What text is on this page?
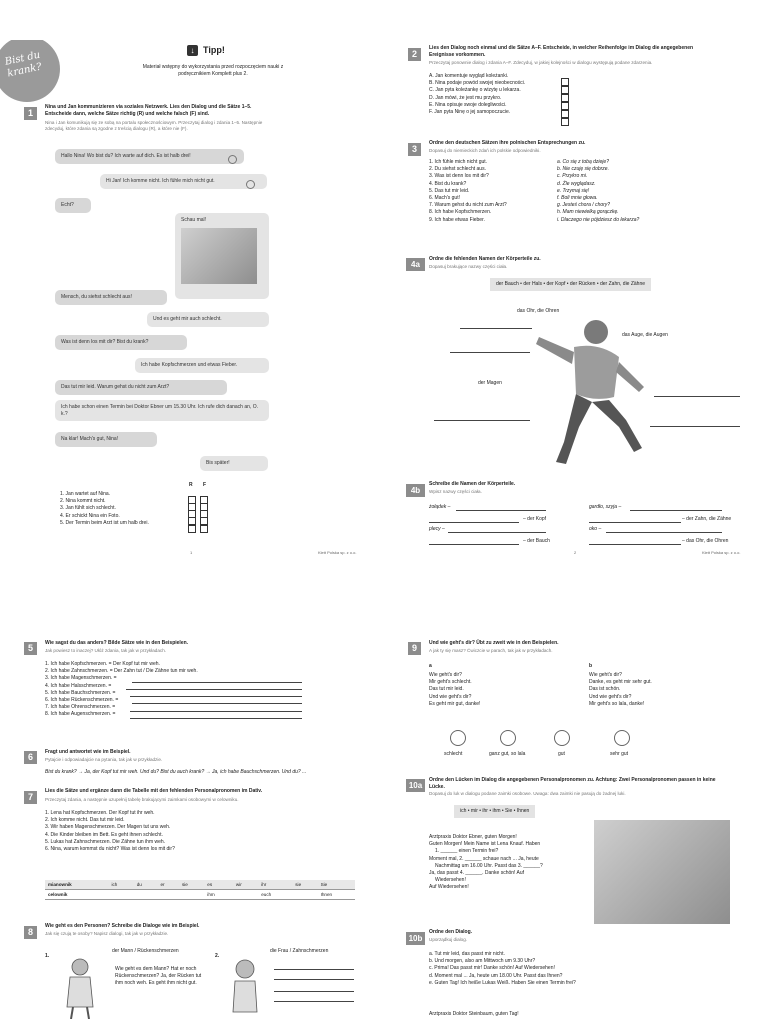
Bist du krank?
↓ Tipp!
Materiał wstępny do wykorzystania przed rozpoczęciem nauki z podręcznikiem Komplett plus 2.
1
Nina und Jan kommunizieren via soziales Netzwerk. Lies den Dialog und die Sätze 1–5. Entscheide dann, welche Sätze richtig (R) und welche falsch (F) sind.
Nina i Jan komunikują się ze sobą na portalu społecznościowym. Przeczytaj dialog i zdania 1–5. Następnie zdecyduj, które zdania są zgodne z treścią dialogu (R), a które nie (F).
Hallo Nina! Wo bist du? Ich warte auf dich. Es ist halb drei!
Hi Jan! Ich komme nicht. Ich fühle mich nicht gut.
Echt?
Schau mal!
Mensch, du siehst schlecht aus!
Und es geht mir auch schlecht.
Was ist denn los mit dir? Bist du krank?
Ich habe Kopfschmerzen und etwas Fieber.
Das tut mir leid. Warum gehst du nicht zum Arzt?
Ich habe schon einen Termin bei Doktor Ebner um 15.30 Uhr. Ich rufe dich danach an, O. k.?
Na klar! Mach's gut, Nina!
Bis später!
R F
1. Jan wartet auf Nina.
2. Nina kommt nicht.
3. Jan fühlt sich schlecht.
4. Er schickt Nina ein Foto.
5. Der Termin beim Arzt ist um halb drei.

1	Klett Polska sp. z o.o.
2
Lies den Dialog noch einmal und die Sätze A–F. Entscheide, in welcher Reihenfolge im Dialog die angegebenen Ereignisse vorkommen.
Przeczytaj ponownie dialog i zdania A–F. Zdecyduj, w jakiej kolejności w dialogu występują podane zdarzenia.
A. Jan komentuje wygląd koleżanki.
B. Nina podaje powód swojej nieobecności.
C. Jan pyta koleżankę o wizytę u lekarza.
D. Jan mówi, że jest mu przykro.
E. Nina opisuje swoje dolegliwości.
F. Jan pyta Ninę o jej samopoczucie.
3
Ordne den deutschen Sätzen ihre polnischen Entsprechungen zu.
Dopasuj do niemieckich zdań ich polskie odpowiedniki.
1. Ich fühle mich nicht gut.
2. Du siehst schlecht aus.
3. Was ist denn los mit dir?
4. Bist du krank?
5. Das tut mir leid.
6. Mach's gut!
7. Warum gehst du nicht zum Arzt?
8. Ich habe Kopfschmerzen.
9. Ich habe etwas Fieber.
a. Co się z tobą dzieje?
b. Nie czuję się dobrze.
c. Przykro mi.
d. Źle wyglądasz.
e. Trzymaj się!
f. Boli mnie głowa.
g. Jesteś chora / chory?
h. Mam niewielką gorączkę.
i. Dlaczego nie pójdziesz do lekarza?
4a
Ordne die fehlenden Namen der Körperteile zu.
Dopasuj brakujące nazwy części ciała.
der Bauch • der Hals • der Kopf • der Rücken • der Zahn, die Zähne
das Ohr, die Ohren
das Auge, die Augen
der Magen
4b
Schreibe die Namen der Körperteile.
Wpisz nazwy części ciała.
żołądek –
– der Kopf
plecy –
– der Bauch
gardło, szyja –
– der Zahn, die Zähne
oko –
– das Ohr, die Ohren
2	Klett Polska sp. z o.o.
5	Wie sagst du das anders? Bilde Sätze wie in den Beispielen.
Jak powiesz to inaczej? Ułóż zdania, tak jak w przykładach.
1. Ich habe Kopfschmerzen. = Der Kopf tut mir weh.
2. Ich habe Zahnschmerzen. = Der Zahn tut / Die Zähne tun mir weh.
3. Ich habe Magenschmerzen. =
4. Ich habe Halsschmerzen. =
5. Ich habe Bauchschmerzen. =
6. Ich habe Rückenschmerzen. =
7. Ich habe Ohrenschmerzen. =
8. Ich habe Augenschmerzen. =
6	Fragt und antwortet wie im Beispiel.
Pytajcie i odpowiadajcie na pytania, tak jak w przykładzie.
Bist du krank? → Ja, der Kopf tut mir weh. Und du? Bist du auch krank? → Ja, ich habe Bauchschmerzen. Und du? ...
7
Lies die Sätze und ergänze dann die Tabelle mit den fehlenden Personalpronomen im Dativ.
Przeczytaj zdania, a następnie uzupełnij tabelę brakującymi zaimkami osobowymi w celowniku.
1. Lena hat Kopfschmerzen. Der Kopf tut ihr weh.
2. Ich komme nicht. Das tut mir leid.
3. Wir haben Magenschmerzen. Der Magen tut uns weh.
4. Die Kinder bleiben im Bett. Es geht ihnen schlecht.
5. Lukas hat Zahnschmerzen. Die Zähne tun ihm weh.
6. Nina, warum kommst du nicht? Was ist denn los mit dir?
mianownik	ich	du	er	sie	es	wir	ihr	sie	Sie
celownik					ihm		euch		Ihnen
8
Wie geht es den Personen? Schreibe die Dialoge wie im Beispiel.
Jak się czują te osoby? Napisz dialogi, tak jak w przykładzie.
1.
der Mann / Rückenschmerzen
Wie geht es dem Mann? Hat er noch Rückenschmerzen? Ja, der Rücken tut ihm noch weh. Es geht ihm nicht gut.
2.
die Frau / Zahnschmerzen
9	Und wie geht's dir? Übt zu zweit wie in den Beispielen.
A jak ty się masz? Ćwiczcie w parach, tak jak w przykładach.
a	b
Wie geht's dir?
Mir geht's schlecht.
Das tut mir leid.
Und wie geht's dir?
Es geht mir gut, danke!
Wie geht's dir?
Danke, es geht mir sehr gut.
Das ist schön.
Und wie geht's dir?
Mir geht's so lala, danke!
schlecht	ganz gut, so lala	gut	sehr gut
10a
Ordne den Lücken im Dialog die angegebenen Personalpronomen zu. Achtung: Zwei Personalpronomen passen in keine Lücke.
Dopasuj do luk w dialogu podane zaimki osobowe. Uwaga: dwa zaimki nie pasują do żadnej luki.
ich • mir • ihr • ihm • Sie • Ihnen
Arztpraxis Doktor Ebner, guten Morgen!
Guten Morgen! Mein Name ist Lena Knauf. Haben
1. ______ einen Termin frei?
Moment mal, 2. ______ schaue nach ... Ja, heute
Nachmittag um 16.00 Uhr. Passt das 3. ______?
Ja, das passt 4. ______. Danke schön! Auf
Wiedersehen!
Auf Wiedersehen!
10b
Ordne den Dialog.
Uporządkuj dialog.
a. Tut mir leid, das passt mir nicht.
b. Und morgen, also am Mittwoch um 9.30 Uhr?
c. Prima! Das passt mir! Danke schön! Auf Wiedersehen!
d. Moment mal ... Ja, heute um 18.00 Uhr. Passt das Ihnen?
e. Guten Tag! Ich heiße Lukas Weiß. Haben Sie einen Termin frei?
Arztpraxis Doktor Steinbaum, guten Tag!
